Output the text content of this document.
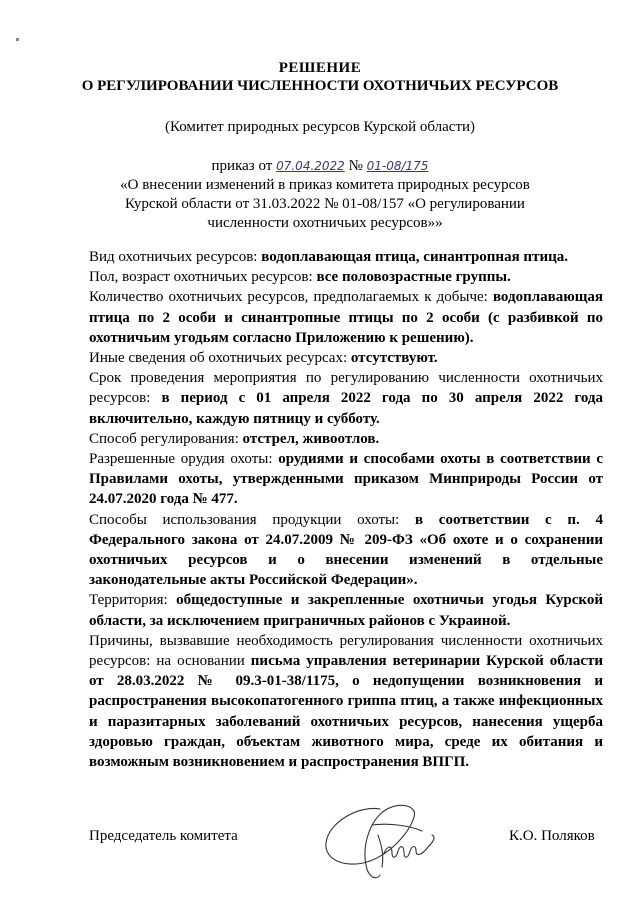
РЕШЕНИЕ
О РЕГУЛИРОВАНИИ ЧИСЛЕННОСТИ ОХОТНИЧЬИХ РЕСУРСОВ
(Комитет природных ресурсов Курской области)
приказ от 07.04.2022 № 01-08/175
«О внесении изменений в приказ комитета природных ресурсов Курской области от 31.03.2022 № 01-08/157 «О регулировании численности охотничьих ресурсов»»

Вид охотничьих ресурсов: водоплавающая птица, синантропная птица.

Пол, возраст охотничьих ресурсов: все половозрастные группы.

Количество охотничьих ресурсов, предполагаемых к добыче: водоплавающая птица по 2 особи и синантропные птицы по 2 особи (с разбивкой по охотничьим угодьям согласно Приложению к решению).

Иные сведения об охотничьих ресурсах: отсутствуют.

Срок проведения мероприятия по регулированию численности охотничьих ресурсов: в период с 01 апреля 2022 года по 30 апреля 2022 года включительно, каждую пятницу и субботу.

Способ регулирования: отстрел, живоотлов.

Разрешенные орудия охоты: орудиями и способами охоты в соответствии с Правилами охоты, утвержденными приказом Минприроды России от 24.07.2020 года № 477.

Способы использования продукции охоты: в соответствии с п. 4 Федерального закона от 24.07.2009 № 209-ФЗ «Об охоте и о сохранении охотничьих ресурсов и о внесении изменений в отдельные законодательные акты Российской Федерации».

Территория: общедоступные и закрепленные охотничьи угодья Курской области, за исключением приграничных районов с Украиной.

Причины, вызвавшие необходимость регулирования численности охотничьих ресурсов: на основании письма управления ветеринарии Курской области от 28.03.2022 № 09.3-01-38/1175, о недопущении возникновения и распространения высокопатогенного гриппа птиц, а также инфекционных и паразитарных заболеваний охотничьих ресурсов, нанесения ущерба здоровью граждан, объектам животного мира, среде их обитания и возможным возникновением и распространения ВПГП.

Председатель комитета	К.О. Поляков
